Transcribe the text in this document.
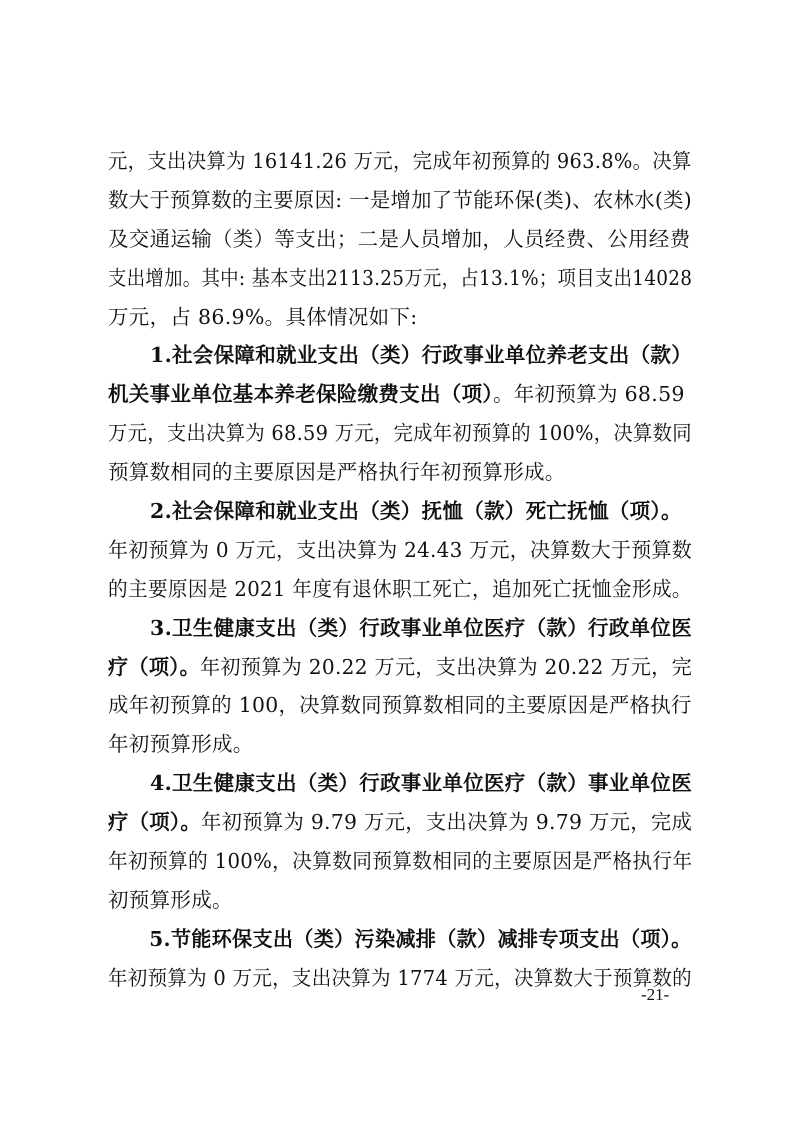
元，支出决算为 16141.26 万元，完成年初预算的 963.8%。决算
数大于预算数的主要原因: 一是增加了节能环保(类)、农林水(类)
及交通运输（类）等支出；二是人员增加，人员经费、公用经费
支出增加。其中: 基本支出2113.25万元，占13.1%；项目支出14028
万元，占 86.9%。具体情况如下:
1.社会保障和就业支出（类）行政事业单位养老支出（款）
机关事业单位基本养老保险缴费支出（项）。年初预算为 68.59
万元，支出决算为 68.59 万元，完成年初预算的 100%，决算数同
预算数相同的主要原因是严格执行年初预算形成。
2.社会保障和就业支出（类）抚恤（款）死亡抚恤（项）。
年初预算为 0 万元，支出决算为 24.43 万元，决算数大于预算数
的主要原因是 2021 年度有退休职工死亡，追加死亡抚恤金形成。
3.卫生健康支出（类）行政事业单位医疗（款）行政单位医
疗（项）。年初预算为 20.22 万元，支出决算为 20.22 万元，完
成年初预算的 100，决算数同预算数相同的主要原因是严格执行
年初预算形成。
4.卫生健康支出（类）行政事业单位医疗（款）事业单位医
疗（项）。年初预算为 9.79 万元，支出决算为 9.79 万元，完成
年初预算的 100%，决算数同预算数相同的主要原因是严格执行年
初预算形成。
5.节能环保支出（类）污染减排（款）减排专项支出（项）。
年初预算为 0 万元，支出决算为 1774 万元，决算数大于预算数的
-21-
